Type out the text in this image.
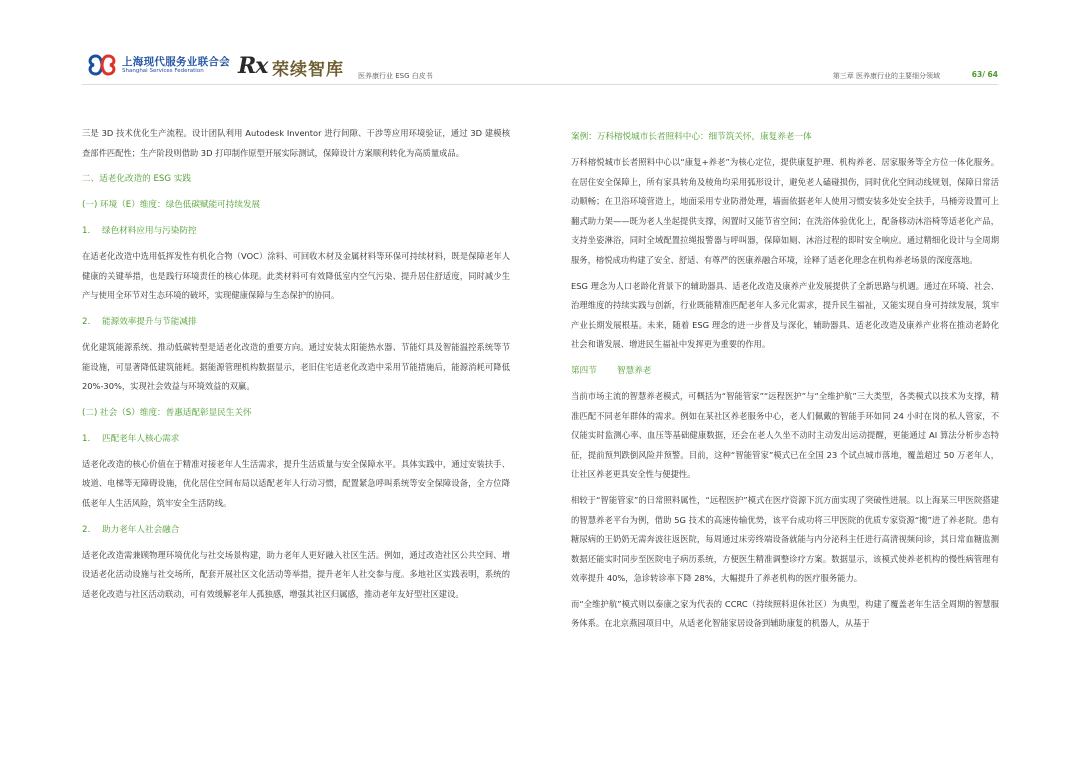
上海现代服务业联合会
Shanghai Services Federation Rx 荣续智库 医养康行业 ESG 白皮书	第三章 医养康行业的主要细分领域	63/ 64

三是 3D 技术优化生产流程。设计团队利用 Autodesk Inventor 进行间隙、干涉等应用环境验证，通过 3D 建模核查部件匹配性；生产阶段则借助 3D 打印制作原型开展实际测试，保障设计方案顺利转化为高质量成品。

二、适老化改造的 ESG 实践
(一) 环境（E）维度：绿色低碳赋能可持续发展
1. 绿色材料应用与污染防控

在适老化改造中选用低挥发性有机化合物（VOC）涂料、可回收木材及金属材料等环保可持续材料，既是保障老年人健康的关键举措，也是践行环境责任的核心体现。此类材料可有效降低室内空气污染、提升居住舒适度，同时减少生产与使用全环节对生态环境的破坏，实现健康保障与生态保护的协同。

2. 能源效率提升与节能减排

优化建筑能源系统、推动低碳转型是适老化改造的重要方向。通过安装太阳能热水器、节能灯具及智能温控系统等节能设施，可显著降低建筑能耗。据能源管理机构数据显示，老旧住宅适老化改造中采用节能措施后，能源消耗可降低 20%-30%，实现社会效益与环境效益的双赢。

(二) 社会（S）维度：普惠适配彰显民生关怀
1. 匹配老年人核心需求

适老化改造的核心价值在于精准对接老年人生活需求，提升生活质量与安全保障水平。具体实践中，通过安装扶手、坡道、电梯等无障碍设施，优化居住空间布局以适配老年人行动习惯，配置紧急呼叫系统等安全保障设备，全方位降低老年人生活风险，筑牢安全生活防线。

2. 助力老年人社会融合

适老化改造需兼顾物理环境优化与社交场景构建，助力老年人更好融入社区生活。例如，通过改造社区公共空间、增设适老化活动设施与社交场所，配套开展社区文化活动等举措，提升老年人社交参与度。多地社区实践表明，系统的适老化改造与社区活动联动，可有效缓解老年人孤独感，增强其社区归属感，推动老年友好型社区建设。

案例：万科榕悦城市长者照料中心：细节筑关怀，康复养老一体

万科榕悦城市长者照料中心以“康复+养老”为核心定位，提供康复护理、机构养老、居家服务等全方位一体化服务。在居住安全保障上，所有家具转角及棱角均采用弧形设计，避免老人磕碰损伤，同时优化空间动线规划，保障日常活动顺畅；在卫浴环境营造上，地面采用专业防滑处理，墙面依据老年人使用习惯安装多处安全扶手，马桶旁设置可上翻式助力架——既为老人坐起提供支撑，闲置时又能节省空间；在洗浴体验优化上，配备移动沐浴椅等适老化产品，支持坐姿淋浴，同时全域配置拉绳报警器与呼叫器，保障如厕、沐浴过程的即时安全响应。通过精细化设计与全周期服务，榕悦成功构建了安全、舒适、有尊严的医康养融合环境，诠释了适老化理念在机构养老场景的深度落地。

ESG 理念为人口老龄化背景下的辅助器具、适老化改造及康养产业发展提供了全新思路与机遇。通过在环境、社会、治理维度的持续实践与创新，行业既能精准匹配老年人多元化需求，提升民生福祉，又能实现自身可持续发展，筑牢产业长期发展根基。未来，随着 ESG 理念的进一步普及与深化，辅助器具、适老化改造及康养产业将在推动老龄化社会和谐发展、增进民生福祉中发挥更为重要的作用。

第四节 智慧养老

当前市场主流的智慧养老模式，可概括为“智能管家”“远程医护”与“全维护航”三大类型，各类模式以技术为支撑，精准匹配不同老年群体的需求。例如在某社区养老服务中心，老人们佩戴的智能手环如同 24 小时在岗的私人管家，不仅能实时监测心率、血压等基础健康数据，还会在老人久坐不动时主动发出运动提醒，更能通过 AI 算法分析步态特征，提前预判跌倒风险并预警。目前，这种“智能管家”模式已在全国 23 个试点城市落地，覆盖超过 50 万老年人，让社区养老更具安全性与便捷性。

相较于“智能管家”的日常照料属性，“远程医护”模式在医疗资源下沉方面实现了突破性进展。以上海某三甲医院搭建的智慧养老平台为例，借助 5G 技术的高速传输优势，该平台成功将三甲医院的优质专家资源“搬”进了养老院。患有糖尿病的王奶奶无需奔波往返医院，每周通过床旁终端设备就能与内分泌科主任进行高清视频问诊，其日常血糖监测数据还能实时同步至医院电子病历系统，方便医生精准调整诊疗方案。数据显示，该模式使养老机构的慢性病管理有效率提升 40%，急诊转诊率下降 28%，大幅提升了养老机构的医疗服务能力。

而“全维护航”模式则以泰康之家为代表的 CCRC（持续照料退休社区）为典型，构建了覆盖老年生活全周期的智慧服务体系。在北京燕园项目中，从适老化智能家居设备到辅助康复的机器人，从基于
